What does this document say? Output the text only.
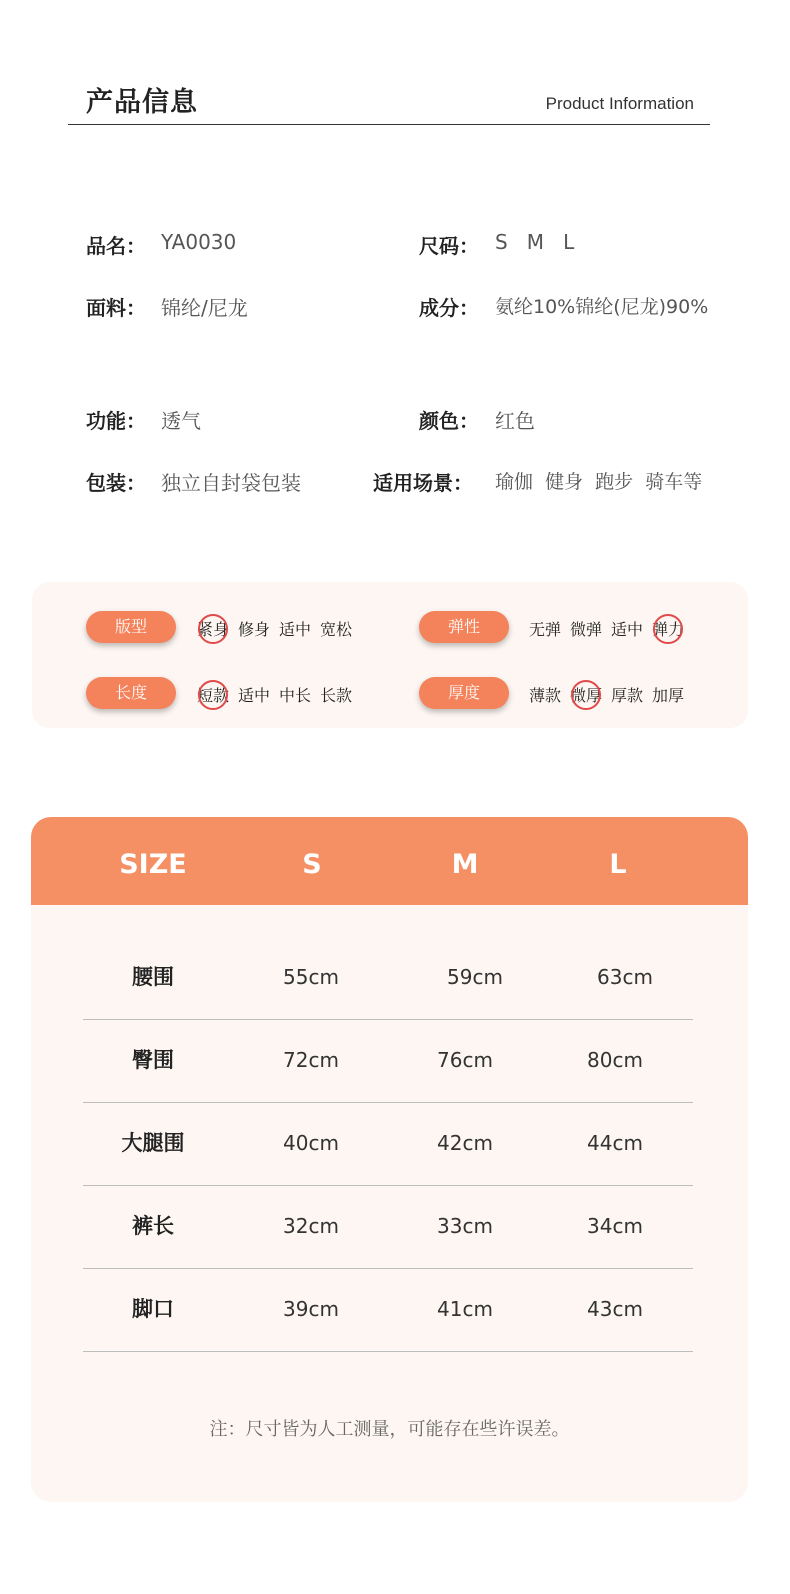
产品信息	Product Information
品名： YA0030	尺码： S   M   L
面料： 锦纶/尼龙	成分： 氨纶10%锦纶(尼龙)90%
功能： 透气	颜色： 红色
包装： 独立自封袋包装	适用场景： 瑜伽  健身  跑步  骑车等
版型	紧身 修身 适中 宽松	弹性	无弹 微弹 适中 弹力
长度	短款 适中 中长 长款	厚度	薄款 微厚 厚款 加厚
SIZE	S	M	L
腰围	55cm	59cm	63cm
臀围	72cm	76cm	80cm
大腿围	40cm	42cm	44cm
裤长	32cm	33cm	34cm
脚口	39cm	41cm	43cm
注：尺寸皆为人工测量，可能存在些许误差。
